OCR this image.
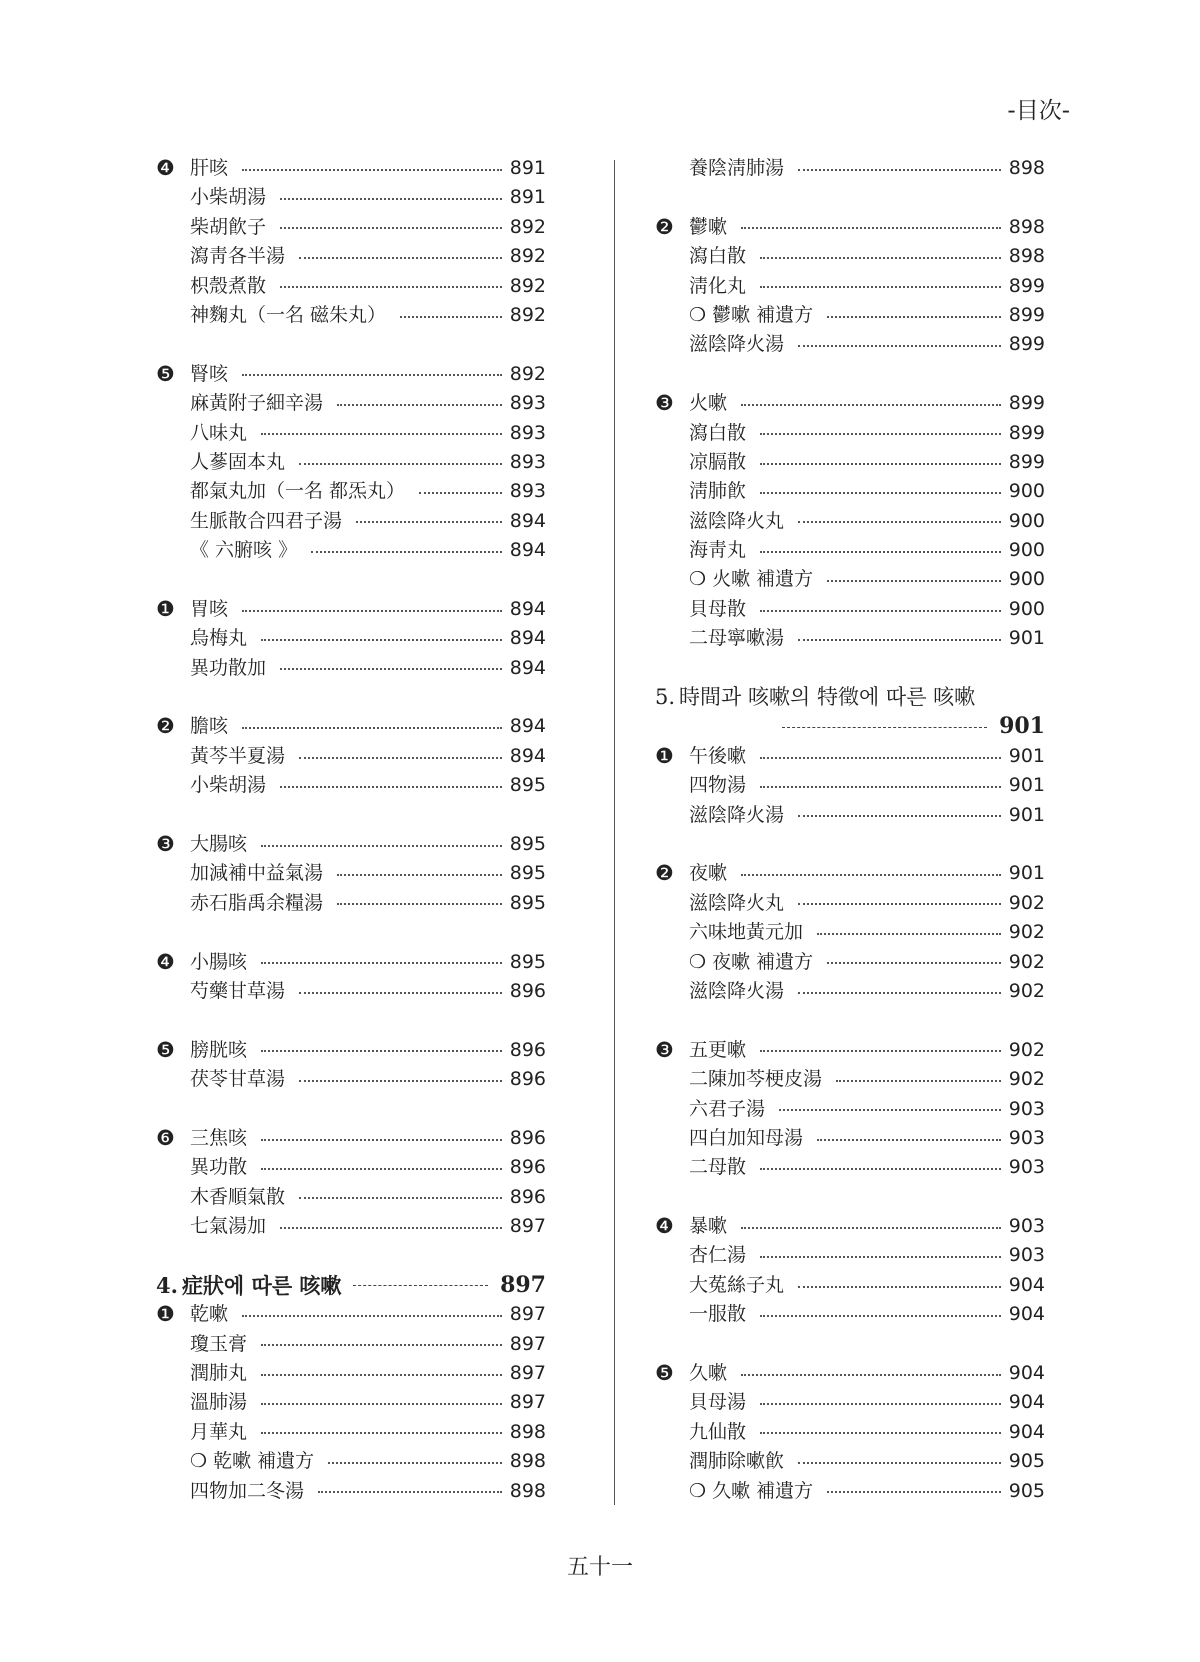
-目次-
❹ 肝咳	891
小柴胡湯	891
柴胡飮子	892
瀉靑各半湯	892
枳殼煮散	892
神麴丸（一名 磁朱丸）	892
❺ 腎咳	892
麻黃附子細辛湯	893
八味丸	893
人蔘固本丸	893
都氣丸加（一名 都炁丸）	893
生脈散合四君子湯	894
《 六腑咳 》	894
❶ 胃咳	894
烏梅丸	894
異功散加	894
❷ 膽咳	894
黃芩半夏湯	894
小柴胡湯	895
❸ 大腸咳	895
加減補中益氣湯	895
赤石脂禹余糧湯	895
❹ 小腸咳	895
芍藥甘草湯	896
❺ 膀胱咳	896
茯苓甘草湯	896
❻ 三焦咳	896
異功散	896
木香順氣散	896
七氣湯加	897
4. 症狀에 따른 咳嗽	897
❶ 乾嗽	897
瓊玉膏	897
潤肺丸	897
溫肺湯	897
月華丸	898
❍ 乾嗽 補遺方	898
四物加二冬湯	898
養陰淸肺湯	898
❷ 鬱嗽	898
瀉白散	898
淸化丸	899
❍ 鬱嗽 補遺方	899
滋陰降火湯	899
❸ 火嗽	899
瀉白散	899
凉膈散	899
淸肺飮	900
滋陰降火丸	900
海靑丸	900
❍ 火嗽 補遺方	900
貝母散	900
二母寧嗽湯	901
5. 時間과 咳嗽의 特徵에 따른 咳嗽
901
❶ 午後嗽	901
四物湯	901
滋陰降火湯	901
❷ 夜嗽	901
滋陰降火丸	902
六味地黃元加	902
❍ 夜嗽 補遺方	902
滋陰降火湯	902
❸ 五更嗽	902
二陳加芩梗皮湯	902
六君子湯	903
四白加知母湯	903
二母散	903
❹ 暴嗽	903
杏仁湯	903
大菟絲子丸	904
一服散	904
❺ 久嗽	904
貝母湯	904
九仙散	904
潤肺除嗽飮	905
❍ 久嗽 補遺方	905
五十一
